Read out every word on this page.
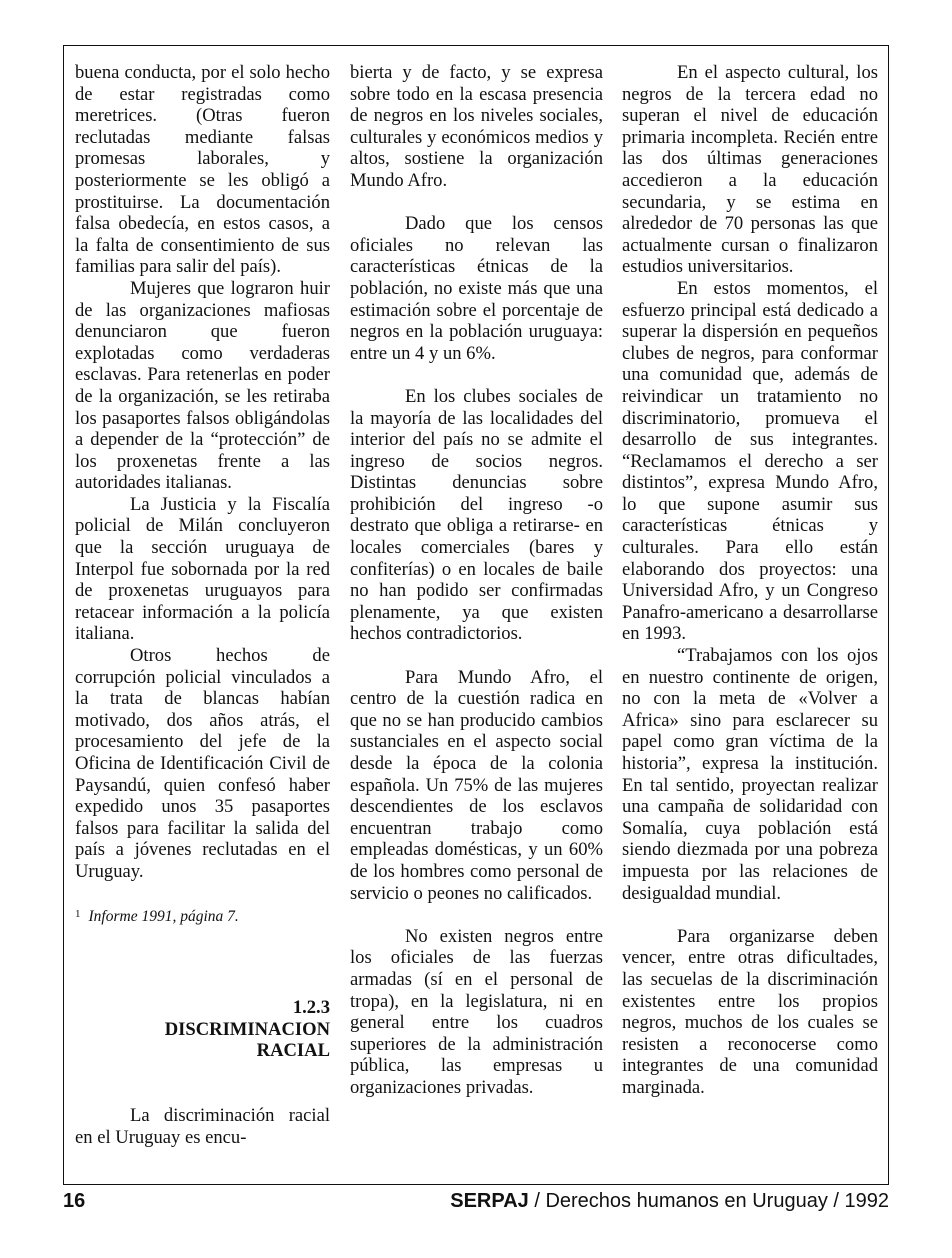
buena conducta, por el solo hecho de estar registradas como meretrices. (Otras fueron reclutadas mediante falsas promesas laborales, y posteriormente se les obligó a prostituirse. La documentación falsa obedecía, en estos casos, a la falta de consentimiento de sus familias para salir del país).

Mujeres que lograron huir de las organizaciones mafiosas denunciaron que fueron explotadas como verdaderas esclavas. Para retenerlas en poder de la organización, se les retiraba los pasaportes falsos obligándolas a depender de la “protección” de los proxenetas frente a las autoridades italianas.

La Justicia y la Fiscalía policial de Milán concluyeron que la sección uruguaya de Interpol fue sobornada por la red de proxenetas uruguayos para retacear información a la policía italiana.

Otros hechos de corrupción policial vinculados a la trata de blancas habían motivado, dos años atrás, el procesamiento del jefe de la Oficina de Identificación Civil de Paysandú, quien confesó haber expedido unos 35 pasaportes falsos para facilitar la salida del país a jóvenes reclutadas en el Uruguay.

$^1$ Informe 1991, página 7.

1.2.3

DISCRIMINACION

RACIAL

La discriminación racial en el Uruguay es encu-

bierta y de facto, y se expresa sobre todo en la escasa presencia de negros en los niveles sociales, culturales y económicos medios y altos, sostiene la organización Mundo Afro.

Dado que los censos oficiales no relevan las características étnicas de la población, no existe más que una estimación sobre el porcentaje de negros en la población uruguaya: entre un 4 y un 6%.

En los clubes sociales de la mayoría de las localidades del interior del país no se admite el ingreso de socios negros. Distintas denuncias sobre prohibición del ingreso -o destrato que obliga a retirarse- en locales comerciales (bares y confiterías) o en locales de baile no han podido ser confirmadas plenamente, ya que existen hechos contradictorios.

Para Mundo Afro, el centro de la cuestión radica en que no se han producido cambios sustanciales en el aspecto social desde la época de la colonia española. Un 75% de las mujeres descendientes de los esclavos encuentran trabajo como empleadas domésticas, y un 60% de los hombres como personal de servicio o peones no calificados.

No existen negros entre los oficiales de las fuerzas armadas (sí en el personal de tropa), en la legislatura, ni en general entre los cuadros superiores de la administración pública, las empresas u organizaciones privadas.

En el aspecto cultural, los negros de la tercera edad no superan el nivel de educación primaria incompleta. Recién entre las dos últimas generaciones accedieron a la educación secundaria, y se estima en alrededor de 70 personas las que actualmente cursan o finalizaron estudios universitarios.

En estos momentos, el esfuerzo principal está dedicado a superar la dispersión en pequeños clubes de negros, para conformar una comunidad que, además de reivindicar un tratamiento no discriminatorio, promueva el desarrollo de sus integrantes. “Reclamamos el derecho a ser distintos”, expresa Mundo Afro, lo que supone asumir sus características étnicas y culturales. Para ello están elaborando dos proyectos: una Universidad Afro, y un Congreso Panafro-americano a desarrollarse en 1993.

“Trabajamos con los ojos en nuestro continente de origen, no con la meta de «Volver a Africa» sino para esclarecer su papel como gran víctima de la historia”, expresa la institución. En tal sentido, proyectan realizar una campaña de solidaridad con Somalía, cuya población está siendo diezmada por una pobreza impuesta por las relaciones de desigualdad mundial.

Para organizarse deben vencer, entre otras dificultades, las secuelas de la discriminación existentes entre los propios negros, muchos de los cuales se resisten a reconocerse como integrantes de una comunidad marginada.

16	SERPAJ / Derechos humanos en Uruguay / 1992
